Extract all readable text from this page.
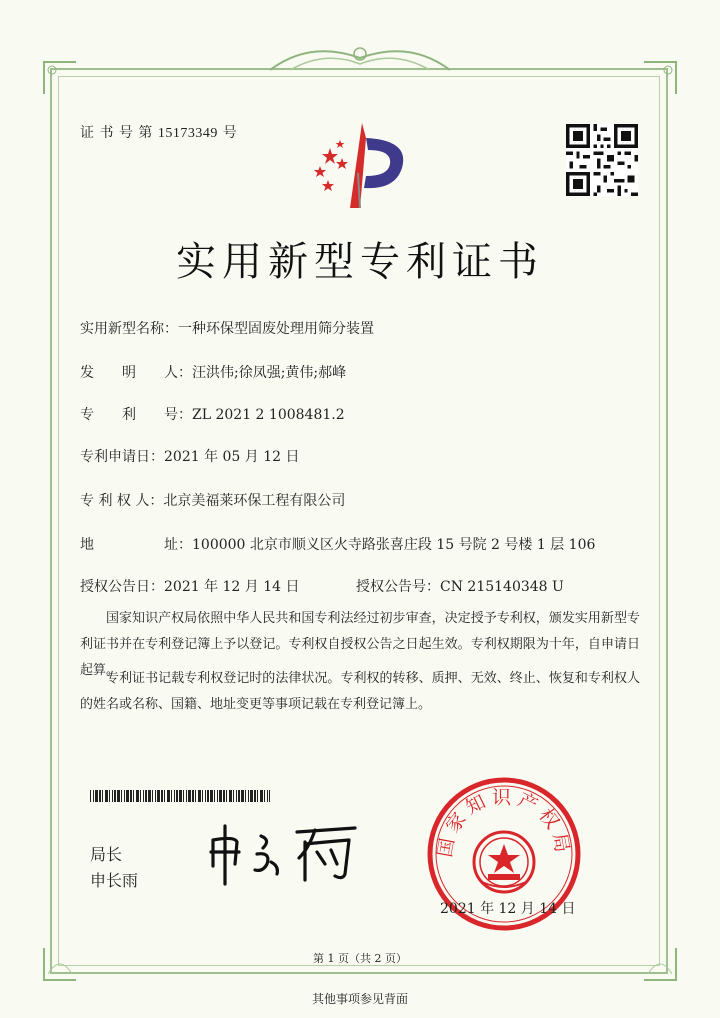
证 书 号 第 15173349 号
实用新型专利证书
实用新型名称：一种环保型固废处理用筛分装置
发　　明　　人：汪洪伟;徐凤强;黄伟;郝峰
专　　利　　号：ZL 2021 2 1008481.2
专利申请日：2021 年 05 月 12 日
专 利 权 人：北京美福莱环保工程有限公司
地　　　　　址：100000 北京市顺义区火寺路张喜庄段 15 号院 2 号楼 1 层 106
授权公告日：2021 年 12 月 14 日	授权公告号：CN 215140348 U
国家知识产权局依照中华人民共和国专利法经过初步审查，决定授予专利权，颁发实用新型专利证书并在专利登记簿上予以登记。专利权自授权公告之日起生效。专利权期限为十年，自申请日起算。
专利证书记载专利权登记时的法律状况。专利权的转移、质押、无效、终止、恢复和专利权人的姓名或名称、国籍、地址变更等事项记载在专利登记簿上。
局长
申长雨
国家知识产权局
2021 年 12 月 14 日
第 1 页（共 2 页）
其他事项参见背面
